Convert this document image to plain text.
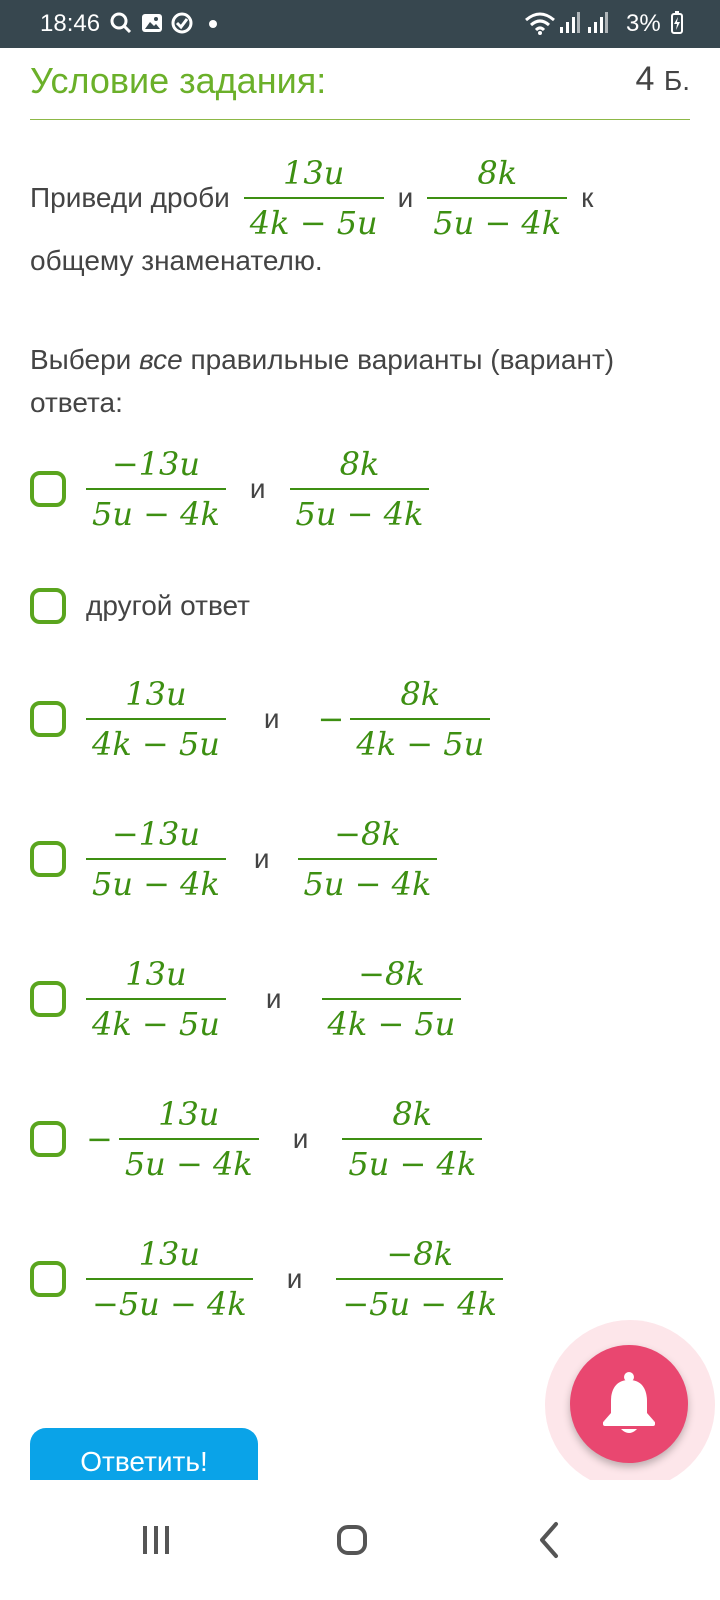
18:46	3%
Условие задания:	4 Б.
Приведи дроби $\frac{13u}{4k - 5u}$ и $\frac{8k}{5u - 4k}$ к
общему знаменателю.
Выбери все правильные варианты (вариант) ответа:
$\frac{-13u}{5u - 4k}$ и $\frac{8k}{5u - 4k}$
другой ответ
$\frac{13u}{4k - 5u}$ $и - \frac{8k}{4k - 5u}$
$\frac{-13u}{5u - 4k}$ и $\frac{-8k}{5u - 4k}$
$\frac{13u}{4k - 5u}$ и $\frac{-8k}{4k - 5u}$
− $\frac{13u}{5u - 4k}$ и $\frac{8k}{5u - 4k}$
$\frac{13u}{-5u - 4k}$ и $\frac{-8k}{-5u - 4k}$
Ответить!
